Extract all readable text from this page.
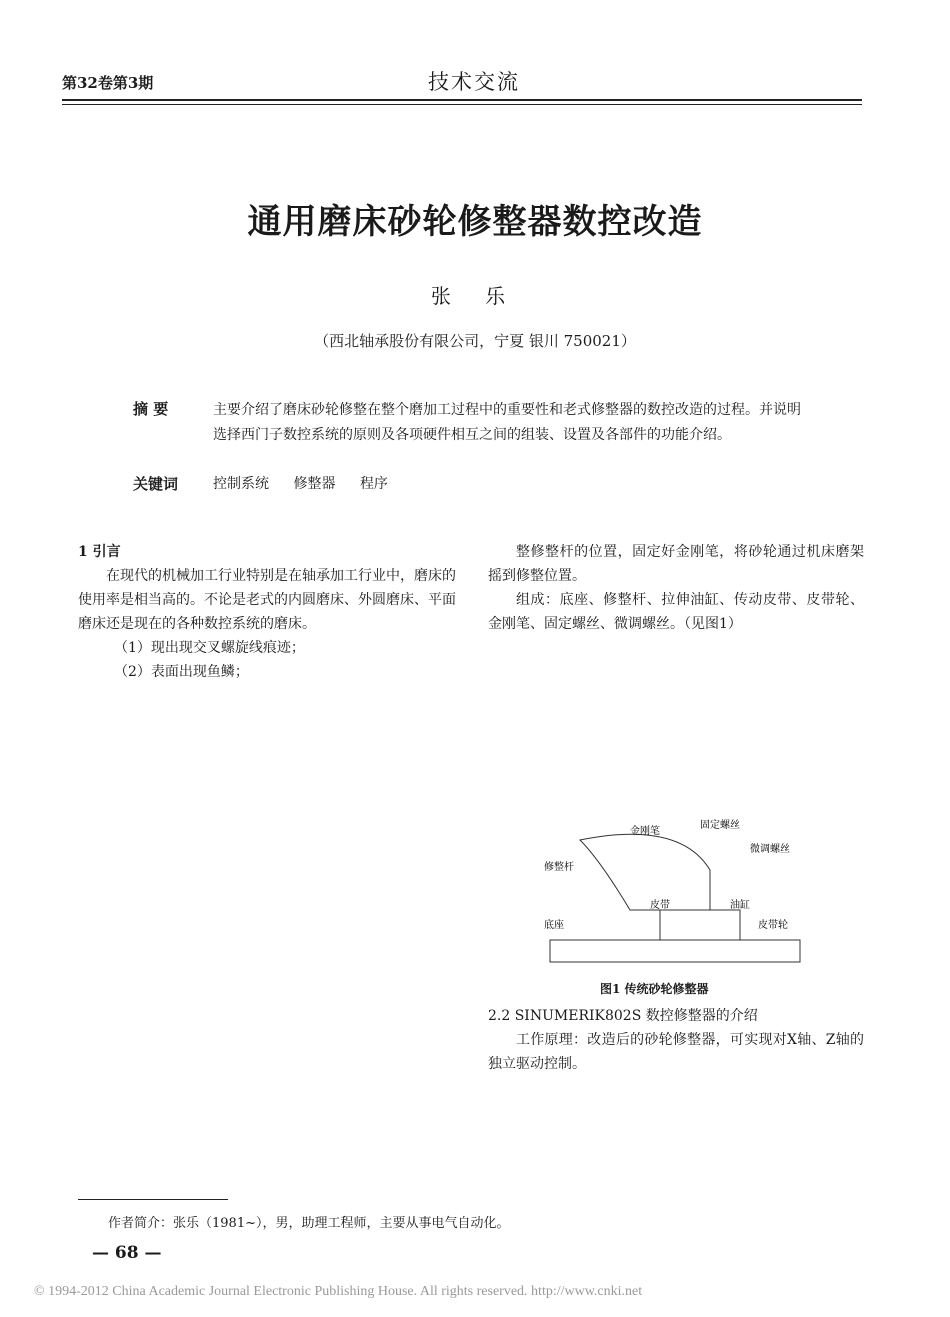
第32卷第3期	技术交流
通用磨床砂轮修整器数控改造
张 乐
（西北轴承股份有限公司，宁夏 银川 750021）
摘 要	主要介绍了磨床砂轮修整在整个磨加工过程中的重要性和老式修整器的数控改造的过程。并说明选择西门子数控系统的原则及各项硬件相互之间的组装、设置及各部件的功能介绍。
关键词 控制系统 修整器 程序

1 引言

在现代的机械加工行业特别是在轴承加工行业中，磨床的使用率是相当高的。不论是老式的内圆磨床、外圆磨床、平面磨床还是现在的各种数控系统的磨床。

（1）现出现交叉螺旋线痕迹；

（2）表面出现鱼鳞；

整修整杆的位置，固定好金刚笔，将砂轮通过机床磨架摇到修整位置。

组成：底座、修整杆、拉伸油缸、传动皮带、皮带轮、金刚笔、固定螺丝、微调螺丝。（见图1）

金刚笔
固定螺丝
微调螺丝
修整杆
皮带	油缸
底座	皮带轮
图1 传统砂轮修整器

2.2 SINUMERIK802S 数控修整器的介绍

工作原理：改造后的砂轮修整器，可实现对X轴、Z轴的独立驱动控制。

作者简介：张乐（1981~），男，助理工程师，主要从事电气自动化。
— 68 —
© 1994-2012 China Academic Journal Electronic Publishing House. All rights reserved. http://www.cnki.net
